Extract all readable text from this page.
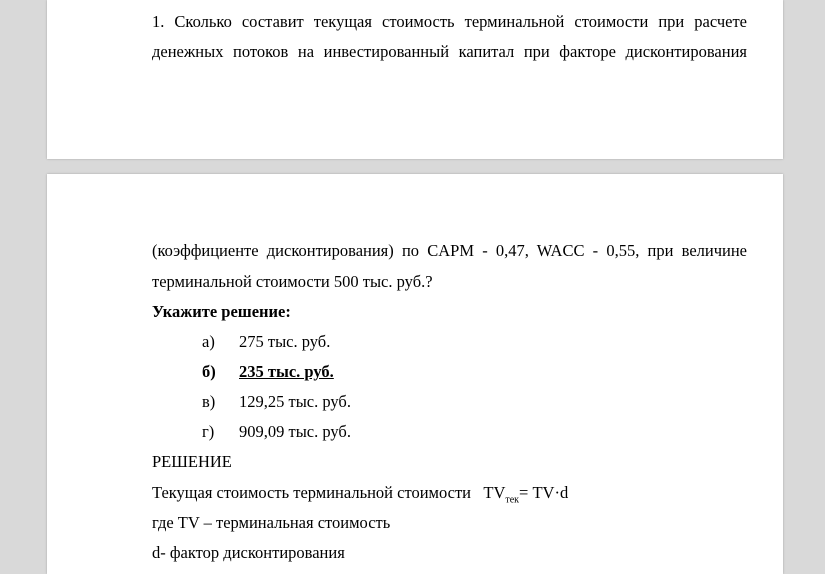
1. Сколько составит текущая стоимость терминальной стоимости при расчете
денежных потоков на инвестированный капитал при факторе дисконтирования
(коэффициенте дисконтирования) по CAPM - 0,47, WACC - 0,55, при величине
терминальной стоимости 500 тыс. руб.?
Укажите решение:
а) 275 тыс. руб.
б) 235 тыс. руб.
в) 129,25 тыс. руб.
г) 909,09 тыс. руб.
РЕШЕНИЕ
Текущая стоимость терминальной стоимости $TV_{тек}= TV\cdot d$
где TV – терминальная стоимость
d- фактор дисконтирования
